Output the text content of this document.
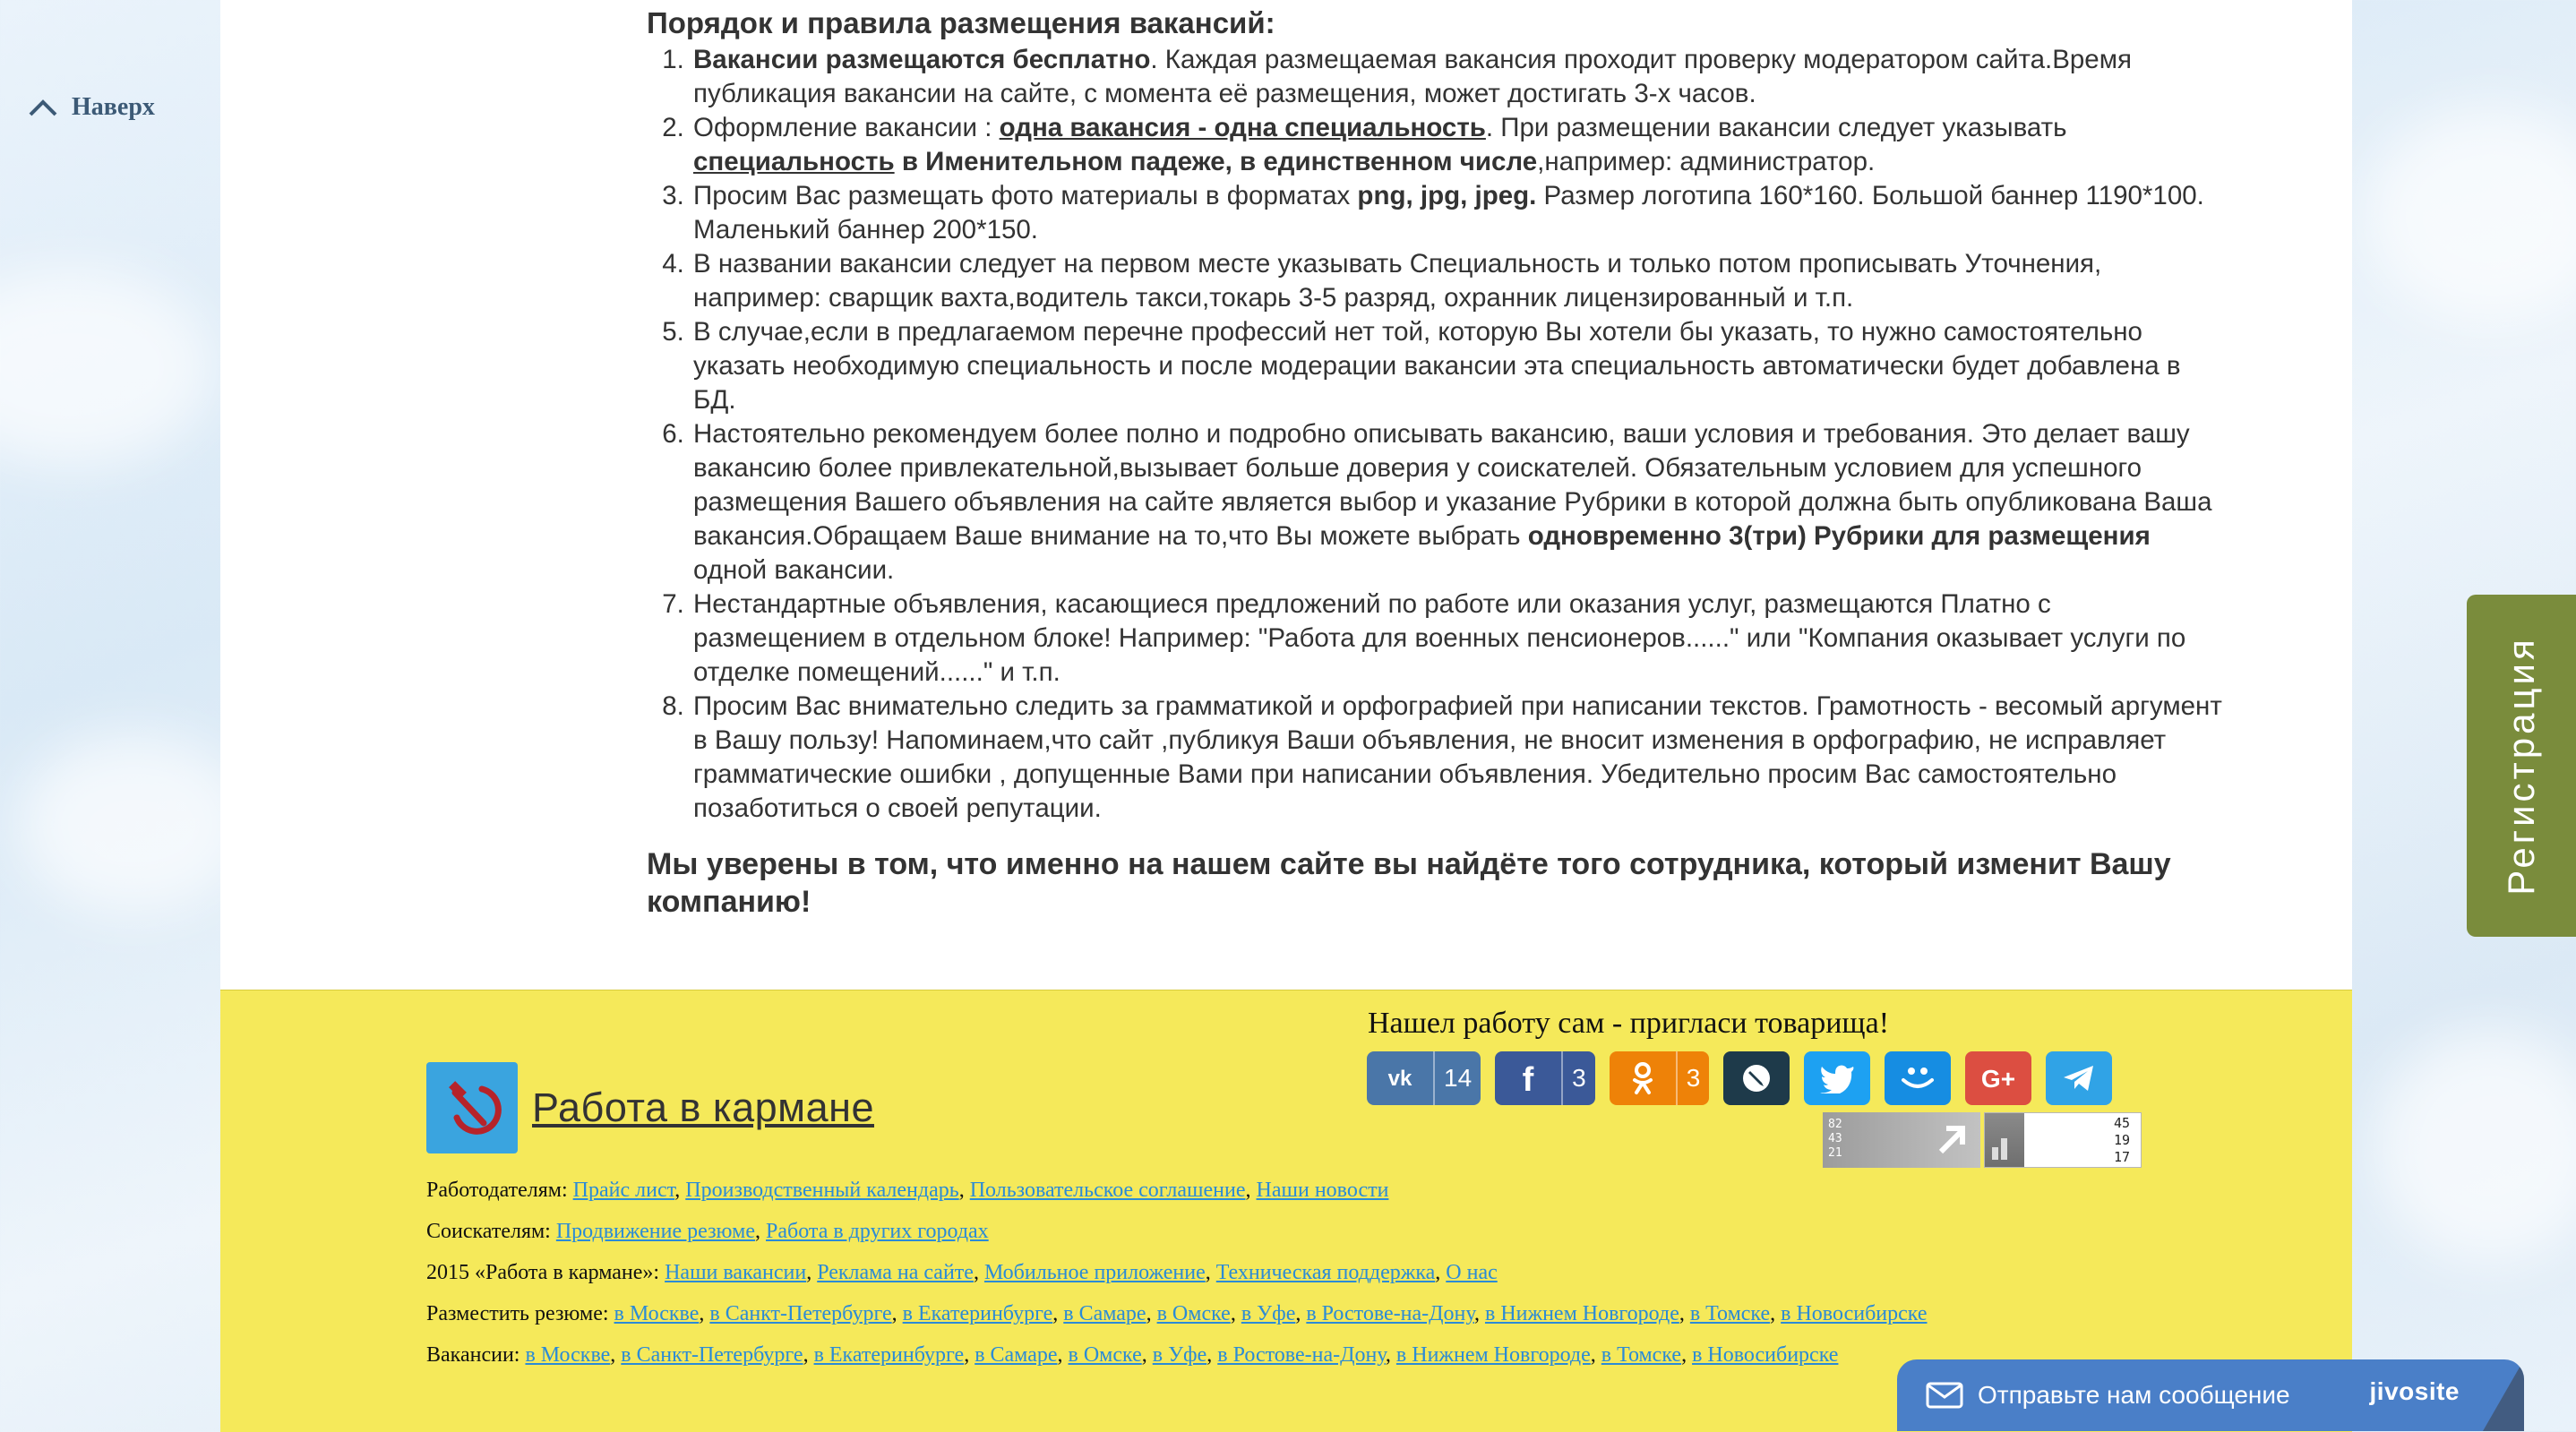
Наверх
Порядок и правила размещения вакансий:
1. Вакансии размещаются бесплатно. Каждая размещаемая вакансия проходит проверку модератором сайта.Время публикация вакансии на сайте, с момента её размещения, может достигать 3-х часов.
2. Оформление вакансии : одна вакансия - одна специальность. При размещении вакансии следует указывать специальность в Именительном падеже, в единственном числе,например: администратор.
3. Просим Вас размещать фото материалы в форматах png, jpg, jpeg. Размер логотипа 160*160. Большой баннер 1190*100. Маленький баннер 200*150.
4. В названии вакансии следует на первом месте указывать Специальность и только потом прописывать Уточнения, например: сварщик вахта,водитель такси,токарь 3-5 разряд, охранник лицензированный и т.п.
5. В случае,если в предлагаемом перечне профессий нет той, которую Вы хотели бы указать, то нужно самостоятельно указать необходимую специальность и после модерации вакансии эта специальность автоматически будет добавлена в БД.
6. Настоятельно рекомендуем более полно и подробно описывать вакансию, ваши условия и требования. Это делает вашу вакансию более привлекательной,вызывает больше доверия у соискателей. Обязательным условием для успешного размещения Вашего объявления на сайте является выбор и указание Рубрики в которой должна быть опубликована Ваша вакансия.Обращаем Ваше внимание на то,что Вы можете выбрать одновременно 3(три) Рубрики для размещения одной вакансии.
7. Нестандартные объявления, касающиеся предложений по работе или оказания услуг, размещаются Платно с размещением в отдельном блоке! Например: "Работа для военных пенсионеров......" или "Компания оказывает услуги по отделке помещений......" и т.п.
8. Просим Вас внимательно следить за грамматикой и орфографией при написании текстов. Грамотность - весомый аргумент в Вашу пользу! Напоминаем,что сайт ,публикуя Ваши объявления, не вносит изменения в орфографию, не исправляет грамматические ошибки , допущенные Вами при написании объявления. Убедительно просим Вас самостоятельно позаботиться о своей репутации.
Мы уверены в том, что именно на нашем сайте вы найдёте того сотрудника, который изменит Вашу компанию!
Работа в кармане
Работодателям: Прайс лист, Производственный календарь, Пользовательское соглашение, Наши новости
Соискателям: Продвижение резюме, Работа в других городах
2015 «Работа в кармане»: Наши вакансии, Реклама на сайте, Мобильное приложение, Техническая поддержка, О нас
Разместить резюме: в Москве, в Санкт-Петербурге, в Екатеринбурге, в Самаре, в Омске, в Уфе, в Ростове-на-Дону, в Нижнем Новгороде, в Томске, в Новосибирске
Вакансии: в Москве, в Санкт-Петербурге, в Екатеринбурге, в Самаре, в Омске, в Уфе, в Ростове-на-Дону, в Нижнем Новгороде, в Томске, в Новосибирске
Нашел работу сам - пригласи товарища!
vk	14 f	3	3	G+
82
43
21
45
19
17
Регистрация
Отправьте нам сообщение	jivosite
